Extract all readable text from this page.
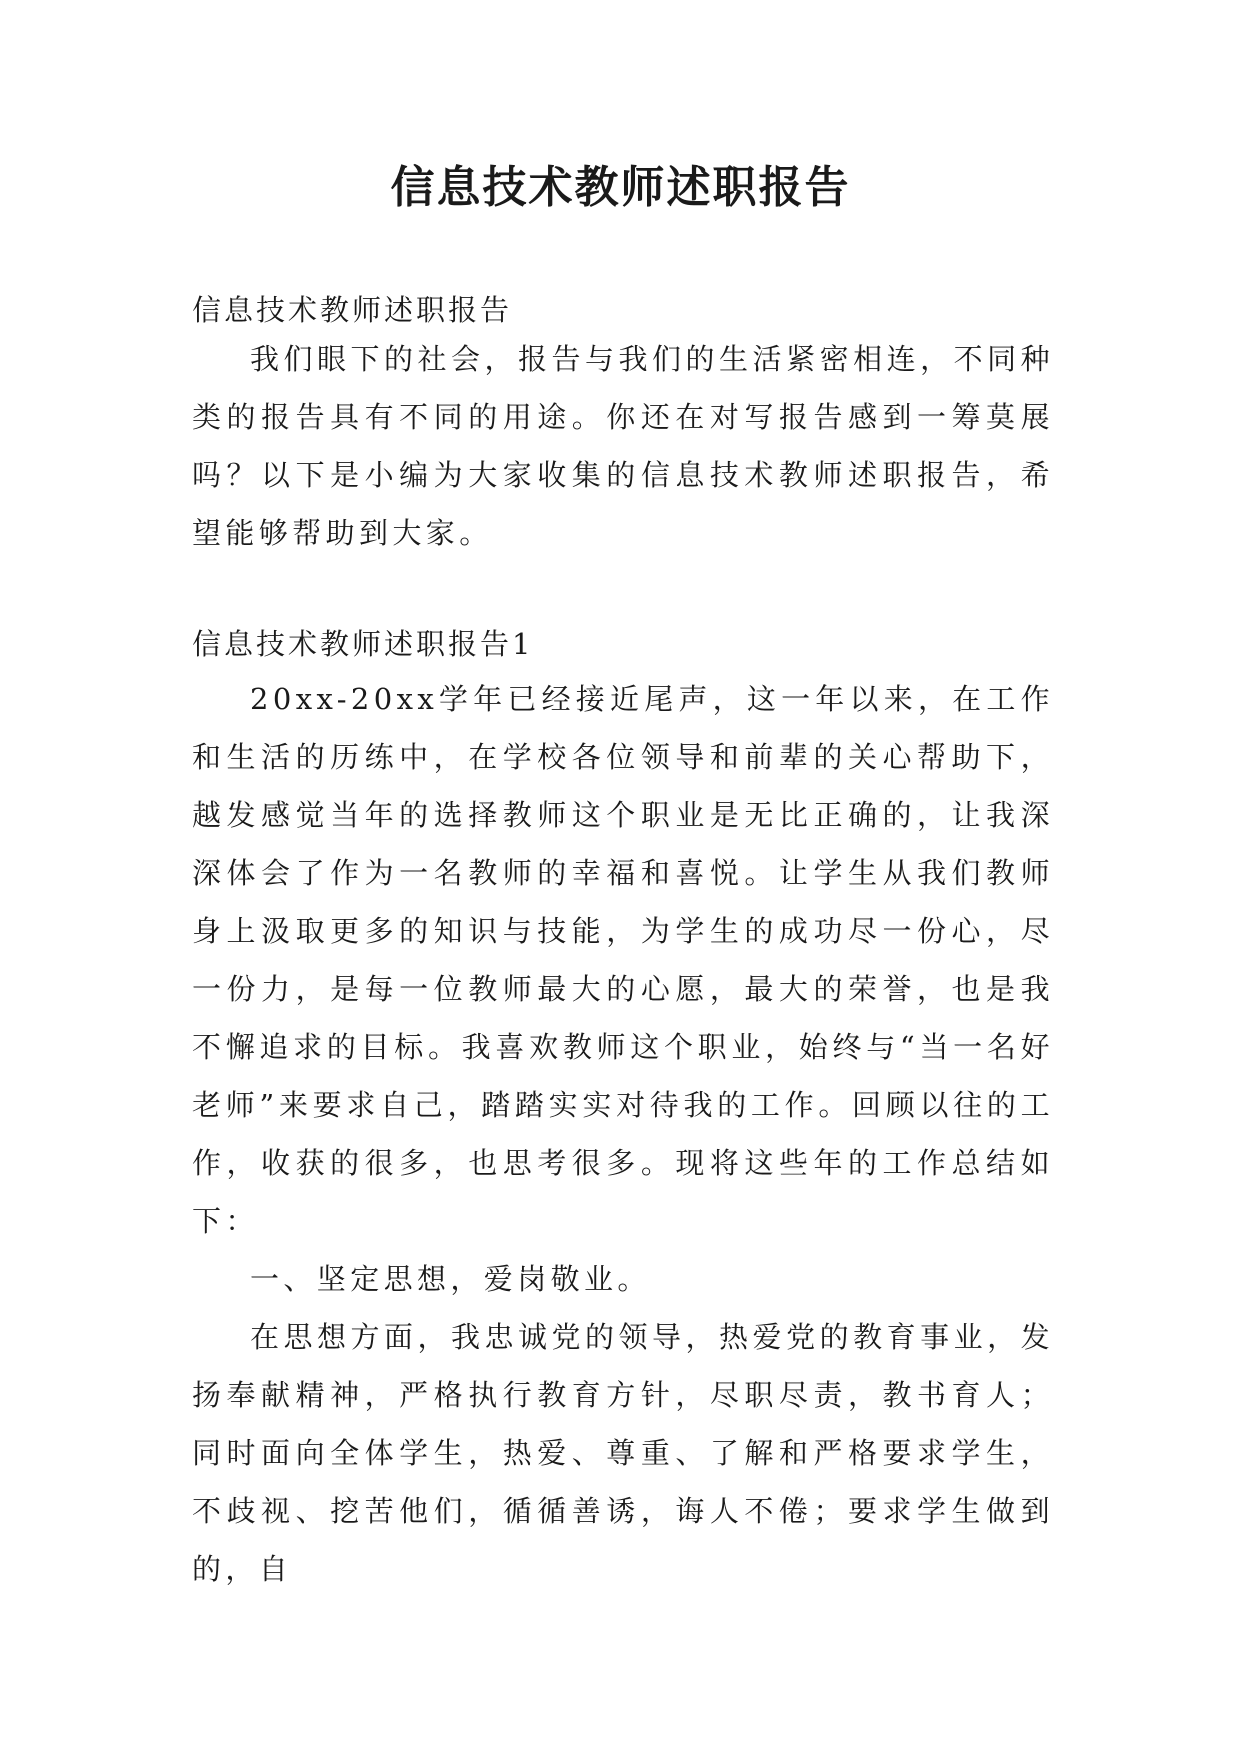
信息技术教师述职报告

信息技术教师述职报告

我们眼下的社会，报告与我们的生活紧密相连，不同种类的报告具有不同的用途。你还在对写报告感到一筹莫展吗？以下是小编为大家收集的信息技术教师述职报告，希望能够帮助到大家。

信息技术教师述职报告1

20xx-20xx学年已经接近尾声，这一年以来，在工作和生活的历练中，在学校各位领导和前辈的关心帮助下，越发感觉当年的选择教师这个职业是无比正确的，让我深深体会了作为一名教师的幸福和喜悦。让学生从我们教师身上汲取更多的知识与技能，为学生的成功尽一份心，尽一份力，是每一位教师最大的心愿，最大的荣誉，也是我不懈追求的目标。我喜欢教师这个职业，始终与“当一名好老师”来要求自己，踏踏实实对待我的工作。回顾以往的工作，收获的很多，也思考很多。现将这些年的工作总结如下：

一、坚定思想，爱岗敬业。

在思想方面，我忠诚党的领导，热爱党的教育事业，发扬奉献精神，严格执行教育方针，尽职尽责，教书育人；同时面向全体学生，热爱、尊重、了解和严格要求学生，不歧视、挖苦他们，循循善诱，诲人不倦；要求学生做到的，自
